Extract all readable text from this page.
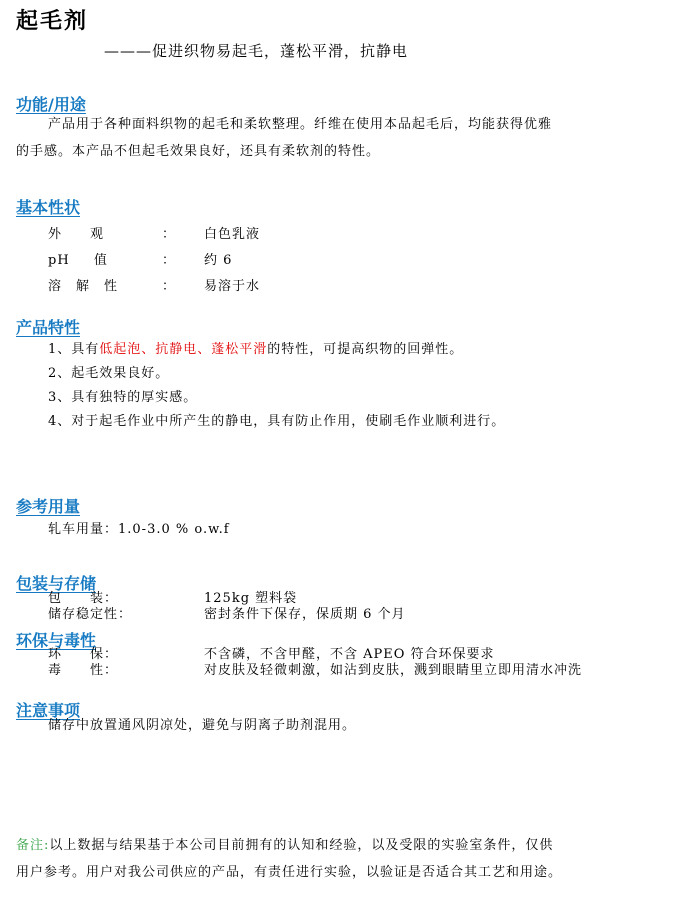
起毛剂
———促进织物易起毛，蓬松平滑，抗静电
功能/用途
产品用于各种面料织物的起毛和柔软整理。纤维在使用本品起毛后，均能获得优雅
的手感。本产品不但起毛效果良好，还具有柔软剂的特性。
基本性状
外　　观	： 白色乳液
pH 　 值	： 约 6
溶　解　性	： 易溶于水
产品特性
1、具有低起泡、抗静电、蓬松平滑的特性，可提高织物的回弹性。
2、起毛效果良好。
3、具有独特的厚实感。
4、对于起毛作业中所产生的静电，具有防止作用，使刷毛作业顺利进行。
参考用量
轧车用量：1.0-3.0 % o.w.f
包装与存储
包　　装：	125kg 塑料袋
储存稳定性：	密封条件下保存，保质期 6 个月
环保与毒性
环　　保：	不含磷，不含甲醛，不含 APEO 符合环保要求
毒　　性：	对皮肤及轻微刺激，如沾到皮肤，溅到眼睛里立即用清水冲洗
注意事项
储存中放置通风阴凉处，避免与阴离子助剂混用。
备注:以上数据与结果基于本公司目前拥有的认知和经验，以及受限的实验室条件，仅供
用户参考。用户对我公司供应的产品，有责任进行实验，以验证是否适合其工艺和用途。
